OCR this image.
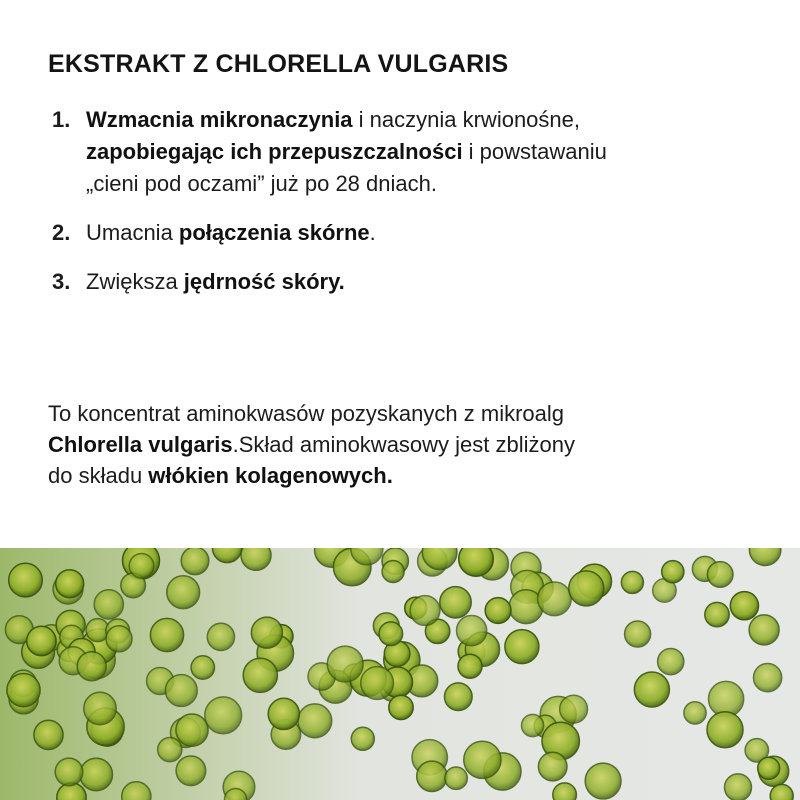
EKSTRAKT Z CHLORELLA VULGARIS
1. Wzmacnia mikronaczynia i naczynia krwionośne,
zapobiegając ich przepuszczalności i powstawaniu
„cieni pod oczami” już po 28 dniach.
2. Umacnia połączenia skórne.
3. Zwiększa jędrność skóry.
To koncentrat aminokwasów pozyskanych z mikroalg
Chlorella vulgaris.Skład aminokwasowy jest zbliżony
do składu włókien kolagenowych.
